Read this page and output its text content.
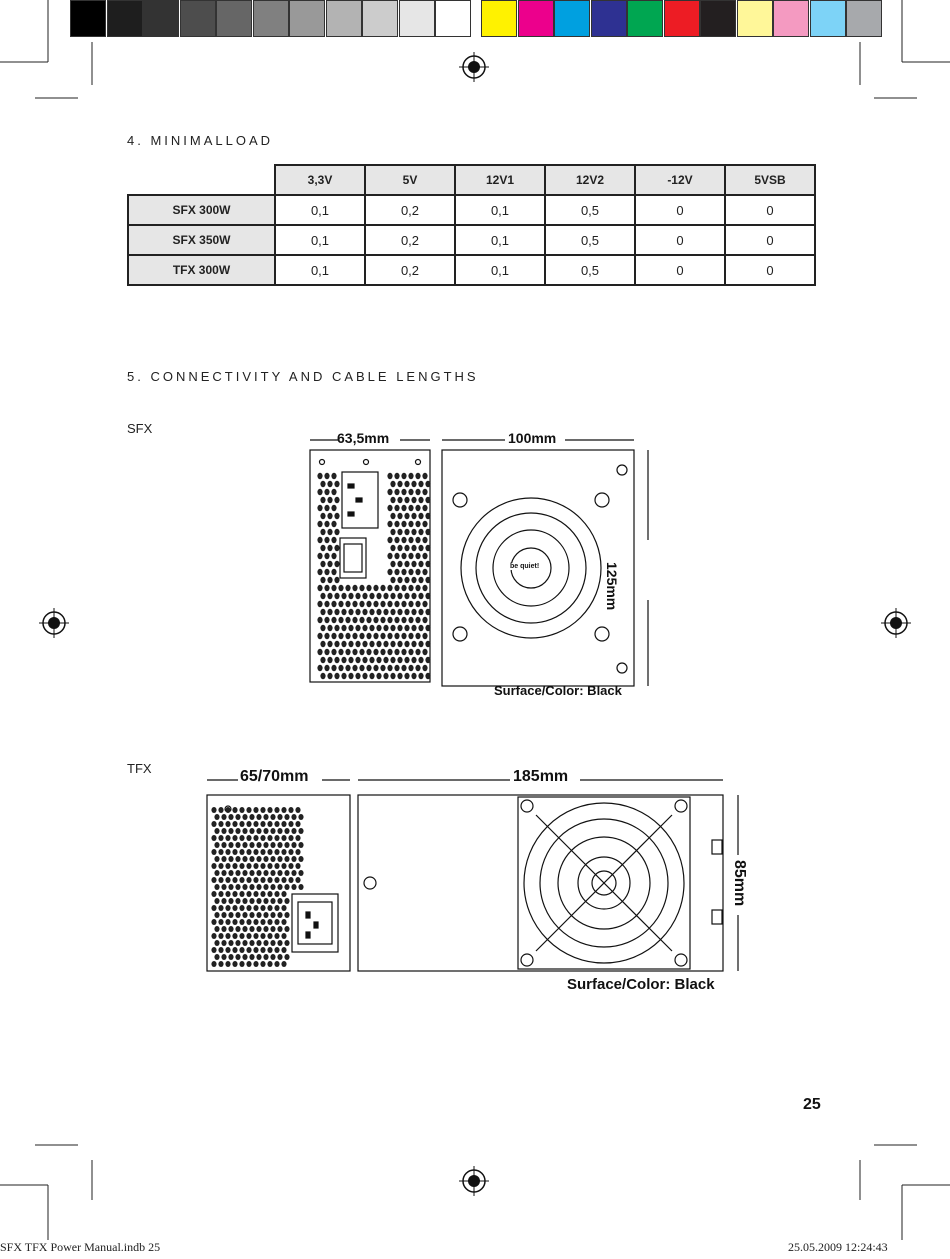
4. MINIMALLOAD
	3,3V	5V	12V1	12V2	-12V	5VSB
SFX 300W	0,1	0,2	0,1	0,5	0	0
SFX 350W	0,1	0,2	0,1	0,5	0	0
TFX 300W	0,1	0,2	0,1	0,5	0	0
5. CONNECTIVITY AND CABLE LENGTHS
SFX
63,5mm	100mm
125mm
be quiet!
Surface/Color: Black
TFX	65/70mm	185mm
85mm
Surface/Color: Black
25
SFX TFX Power Manual.indb 25	25.05.2009 12:24:43
